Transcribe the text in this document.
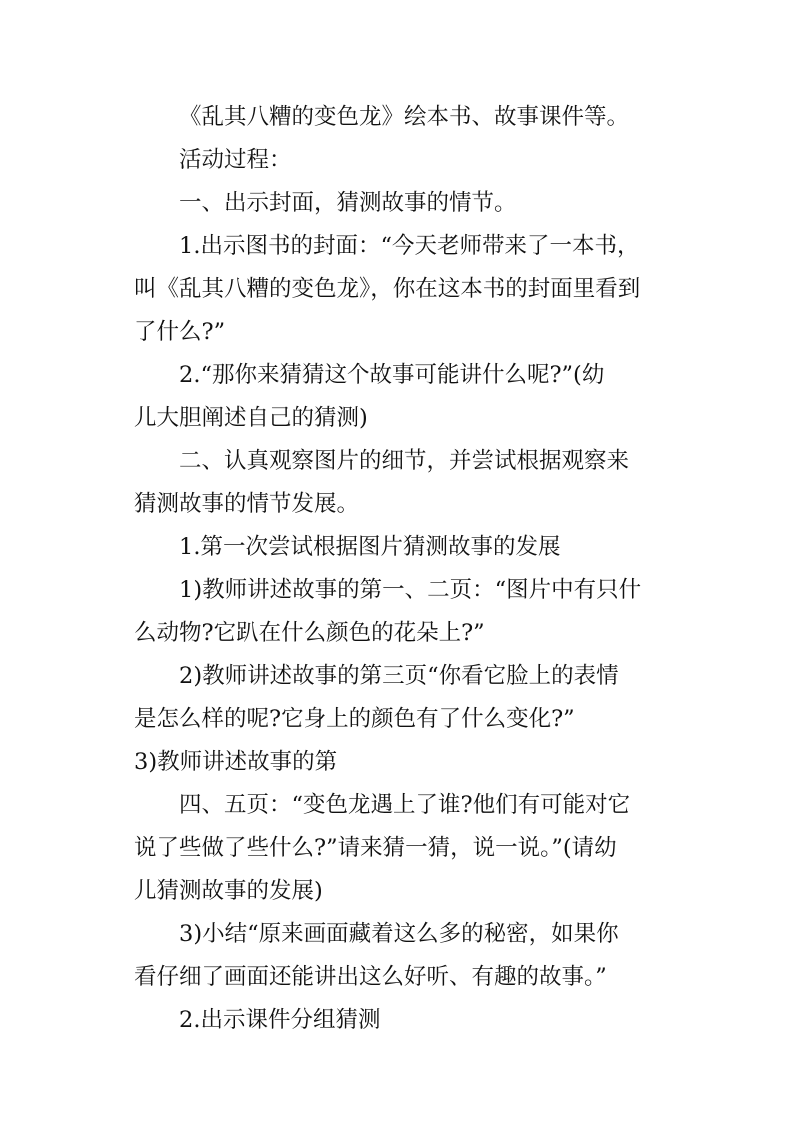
《乱其八糟的变色龙》绘本书、故事课件等。

活动过程：

一、出示封面，猜测故事的情节。

1.出示图书的封面：“今天老师带来了一本书，
叫《乱其八糟的变色龙》，你在这本书的封面里看到
了什么?”

2.“那你来猜猜这个故事可能讲什么呢?”(幼
儿大胆阐述自己的猜测)

二、认真观察图片的细节，并尝试根据观察来
猜测故事的情节发展。

1.第一次尝试根据图片猜测故事的发展

1)教师讲述故事的第一、二页：“图片中有只什
么动物?它趴在什么颜色的花朵上?”

2)教师讲述故事的第三页“你看它脸上的表情
是怎么样的呢?它身上的颜色有了什么变化?”

3)教师讲述故事的第

四、五页：“变色龙遇上了谁?他们有可能对它
说了些做了些什么?”请来猜一猜，说一说。”(请幼
儿猜测故事的发展)

3)小结“原来画面藏着这么多的秘密，如果你
看仔细了画面还能讲出这么好听、有趣的故事。”

2.出示课件分组猜测
